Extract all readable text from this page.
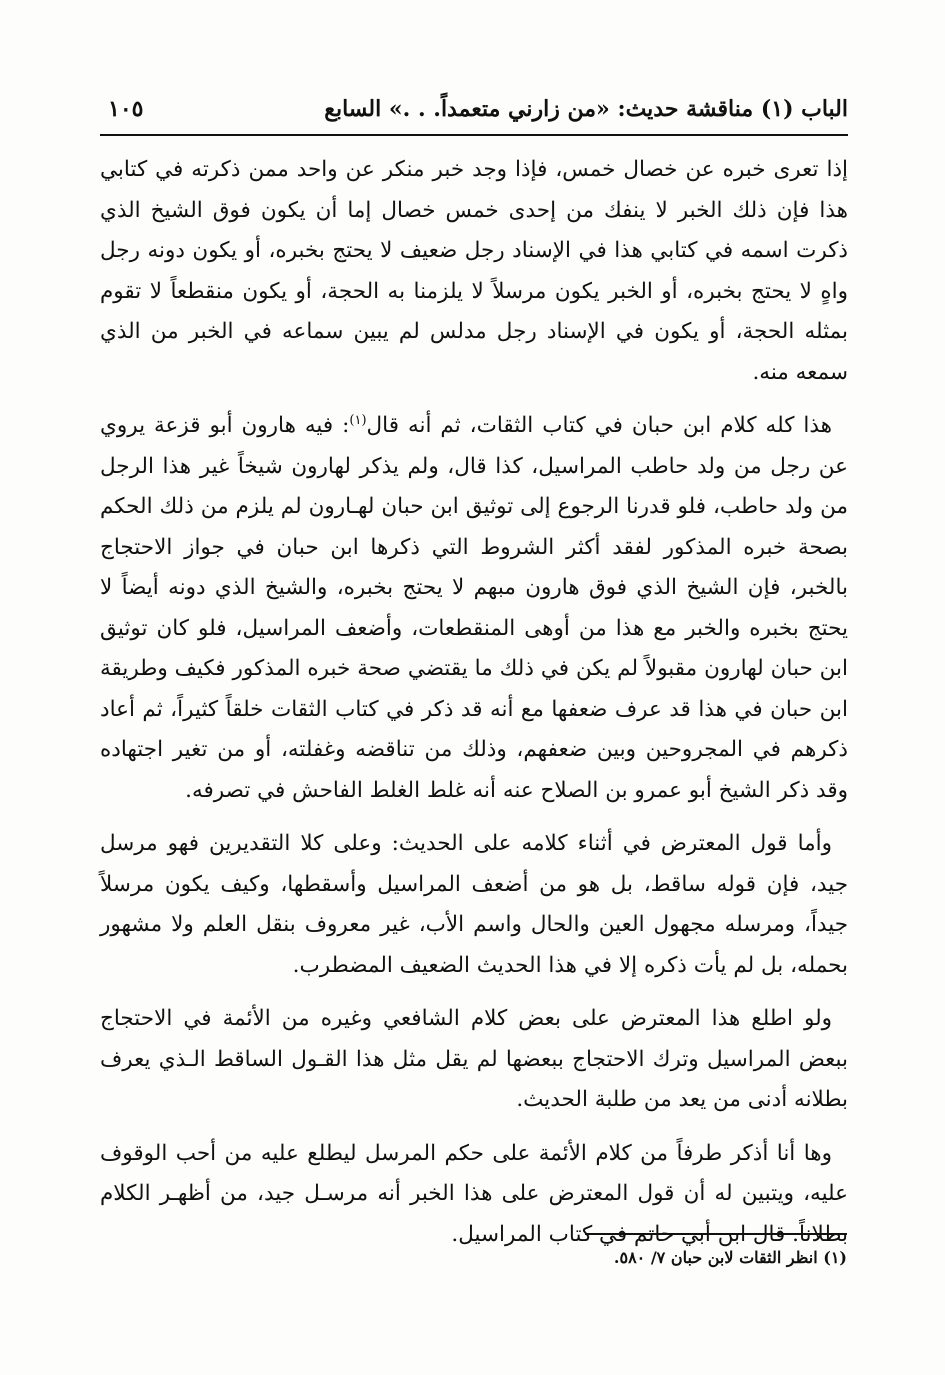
الباب (١) مناقشة حديث: «من زارني متعمداً. . .» السابع
١٠٥

إذا تعرى خبره عن خصال خمس، فإذا وجد خبر منكر عن واحد ممن ذكرته في كتابي هذا فإن ذلك الخبر لا ينفك من إحدى خمس خصال إما أن يكون فوق الشيخ الذي ذكرت اسمه في كتابي هذا في الإسناد رجل ضعيف لا يحتج بخبره، أو يكون دونه رجل واهٍ لا يحتج بخبره، أو الخبر يكون مرسلاً لا يلزمنا به الحجة، أو يكون منقطعاً لا تقوم بمثله الحجة، أو يكون في الإسناد رجل مدلس لم يبين سماعه في الخبر من الذي سمعه منه.

هذا كله كلام ابن حبان في كتاب الثقات، ثم أنه قال$^{(١)}$: فيه هارون أبو قزعة يروي عن رجل من ولد حاطب المراسيل، كذا قال، ولم يذكر لهارون شيخاً غير هذا الرجل من ولد حاطب، فلو قدرنا الرجوع إلى توثيق ابن حبان لهـارون لم يلزم من ذلك الحكم بصحة خبره المذكور لفقد أكثر الشروط التي ذكرها ابن حبان في جواز الاحتجاج بالخبر، فإن الشيخ الذي فوق هارون مبهم لا يحتج بخبره، والشيخ الذي دونه أيضاً لا يحتج بخبره والخبر مع هذا من أوهى المنقطعات، وأضعف المراسيل، فلو كان توثيق ابن حبان لهارون مقبولاً لم يكن في ذلك ما يقتضي صحة خبره المذكور فكيف وطريقة ابن حبان في هذا قد عرف ضعفها مع أنه قد ذكر في كتاب الثقات خلقاً كثيراً، ثم أعاد ذكرهم في المجروحين وبين ضعفهم، وذلك من تناقضه وغفلته، أو من تغير اجتهاده وقد ذكر الشيخ أبو عمرو بن الصلاح عنه أنه غلط الغلط الفاحش في تصرفه.

وأما قول المعترض في أثناء كلامه على الحديث: وعلى كلا التقديرين فهو مرسل جيد، فإن قوله ساقط، بل هو من أضعف المراسيل وأسقطها، وكيف يكون مرسلاً جيداً، ومرسله مجهول العين والحال واسم الأب، غير معروف بنقل العلم ولا مشهور بحمله، بل لم يأت ذكره إلا في هذا الحديث الضعيف المضطرب.

ولو اطلع هذا المعترض على بعض كلام الشافعي وغيره من الأئمة في الاحتجاج ببعض المراسيل وترك الاحتجاج ببعضها لم يقل مثل هذا القـول الساقط الـذي يعرف بطلانه أدنى من يعد من طلبة الحديث.

وها أنا أذكر طرفاً من كلام الأئمة على حكم المرسل ليطلع عليه من أحب الوقوف عليه، ويتبين له أن قول المعترض على هذا الخبر أنه مرسـل جيد، من أظهـر الكلام بطلاناً. قال ابن أبي حاتم في كتاب المراسيل.

(١) انظر الثقات لابن حبان ٧/ ٥٨٠.
